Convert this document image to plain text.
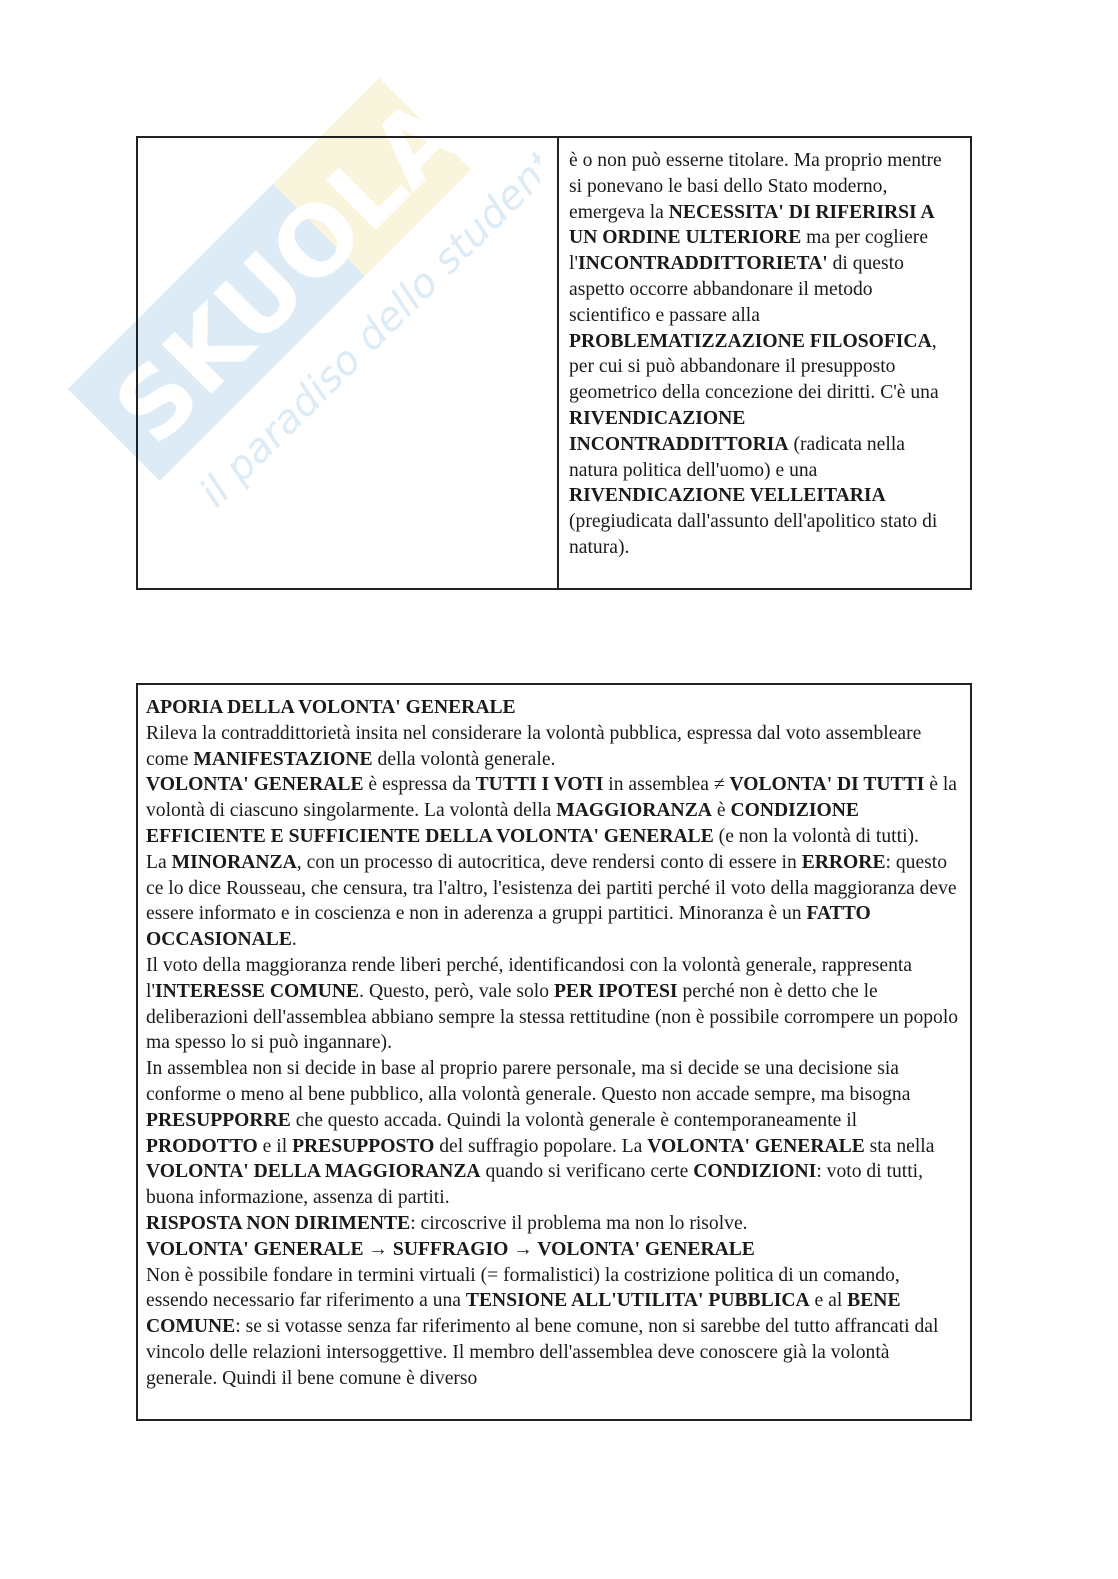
SKUOLA
il paradiso dello studente

è o non può esserne titolare. Ma proprio mentre si ponevano le basi dello Stato moderno, emergeva la NECESSITA' DI RIFERIRSI A UN ORDINE ULTERIORE ma per cogliere l'INCONTRADDITTORIETA' di questo aspetto occorre abbandonare il metodo scientifico e passare alla PROBLEMATIZZAZIONE FILOSOFICA, per cui si può abbandonare il presupposto geometrico della concezione dei diritti. C'è una RIVENDICAZIONE INCONTRADDITTORIA (radicata nella natura politica dell'uomo) e una RIVENDICAZIONE VELLEITARIA (pregiudicata dall'assunto dell'apolitico stato di natura).

APORIA DELLA VOLONTA' GENERALE

Rileva la contraddittorietà insita nel considerare la volontà pubblica, espressa dal voto assembleare come MANIFESTAZIONE della volontà generale.

VOLONTA' GENERALE è espressa da TUTTI I VOTI in assemblea ≠ VOLONTA' DI TUTTI è la volontà di ciascuno singolarmente. La volontà della MAGGIORANZA è CONDIZIONE EFFICIENTE E SUFFICIENTE DELLA VOLONTA' GENERALE (e non la volontà di tutti).

La MINORANZA, con un processo di autocritica, deve rendersi conto di essere in ERRORE: questo ce lo dice Rousseau, che censura, tra l'altro, l'esistenza dei partiti perché il voto della maggioranza deve essere informato e in coscienza e non in aderenza a gruppi partitici. Minoranza è un FATTO OCCASIONALE.

Il voto della maggioranza rende liberi perché, identificandosi con la volontà generale, rappresenta l'INTERESSE COMUNE. Questo, però, vale solo PER IPOTESI perché non è detto che le deliberazioni dell'assemblea abbiano sempre la stessa rettitudine (non è possibile corrompere un popolo ma spesso lo si può ingannare).

In assemblea non si decide in base al proprio parere personale, ma si decide se una decisione sia conforme o meno al bene pubblico, alla volontà generale. Questo non accade sempre, ma bisogna PRESUPPORRE che questo accada. Quindi la volontà generale è contemporaneamente il PRODOTTO e il PRESUPPOSTO del suffragio popolare. La VOLONTA' GENERALE sta nella VOLONTA' DELLA MAGGIORANZA quando si verificano certe CONDIZIONI: voto di tutti, buona informazione, assenza di partiti.

RISPOSTA NON DIRIMENTE: circoscrive il problema ma non lo risolve.

VOLONTA' GENERALE → SUFFRAGIO → VOLONTA' GENERALE

Non è possibile fondare in termini virtuali (= formalistici) la costrizione politica di un comando, essendo necessario far riferimento a una TENSIONE ALL'UTILITA' PUBBLICA e al BENE COMUNE: se si votasse senza far riferimento al bene comune, non si sarebbe del tutto affrancati dal vincolo delle relazioni intersoggettive. Il membro dell'assemblea deve conoscere già la volontà generale. Quindi il bene comune è diverso
